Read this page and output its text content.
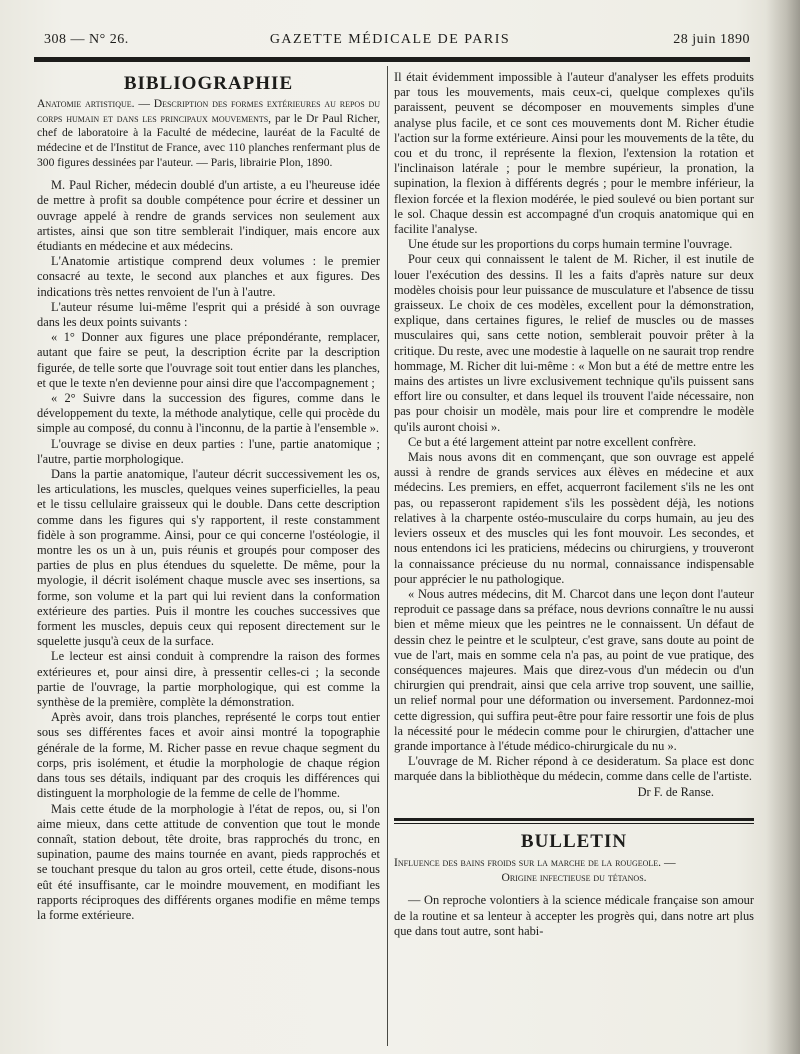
308 — N° 26.	GAZETTE MÉDICALE DE PARIS	28 juin 1890
BIBLIOGRAPHIE

Anatomie artistique. — Description des formes extérieures au repos du corps humain et dans les principaux mouvements, par le Dr Paul Richer, chef de laboratoire à la Faculté de médecine, lauréat de la Faculté de médecine et de l'Institut de France, avec 110 planches renfermant plus de 300 figures dessinées par l'auteur. — Paris, librairie Plon, 1890.

M. Paul Richer, médecin doublé d'un artiste, a eu l'heureuse idée de mettre à profit sa double compétence pour écrire et dessiner un ouvrage appelé à rendre de grands services non seulement aux artistes, ainsi que son titre semblerait l'indiquer, mais encore aux étudiants en médecine et aux médecins.

L'Anatomie artistique comprend deux volumes : le premier consacré au texte, le second aux planches et aux figures. Des indications très nettes renvoient de l'un à l'autre.

L'auteur résume lui-même l'esprit qui a présidé à son ouvrage dans les deux points suivants :

« 1° Donner aux figures une place prépondérante, remplacer, autant que faire se peut, la description écrite par la description figurée, de telle sorte que l'ouvrage soit tout entier dans les planches, et que le texte n'en devienne pour ainsi dire que l'accompagnement ;

« 2° Suivre dans la succession des figures, comme dans le développement du texte, la méthode analytique, celle qui procède du simple au composé, du connu à l'inconnu, de la partie à l'ensemble ».

L'ouvrage se divise en deux parties : l'une, partie anatomique ; l'autre, partie morphologique.

Dans la partie anatomique, l'auteur décrit successivement les os, les articulations, les muscles, quelques veines superficielles, la peau et le tissu cellulaire graisseux qui le double. Dans cette description comme dans les figures qui s'y rapportent, il reste constamment fidèle à son programme. Ainsi, pour ce qui concerne l'ostéologie, il montre les os un à un, puis réunis et groupés pour composer des parties de plus en plus étendues du squelette. De même, pour la myologie, il décrit isolément chaque muscle avec ses insertions, sa forme, son volume et la part qui lui revient dans la conformation extérieure des parties. Puis il montre les couches successives que forment les muscles, depuis ceux qui reposent directement sur le squelette jusqu'à ceux de la surface.

Le lecteur est ainsi conduit à comprendre la raison des formes extérieures et, pour ainsi dire, à pressentir celles-ci ; la seconde partie de l'ouvrage, la partie morphologique, qui est comme la synthèse de la première, complète la démonstration.

Après avoir, dans trois planches, représenté le corps tout entier sous ses différentes faces et avoir ainsi montré la topographie générale de la forme, M. Richer passe en revue chaque segment du corps, pris isolément, et étudie la morphologie de chaque région dans tous ses détails, indiquant par des croquis les différences qui distinguent la morphologie de la femme de celle de l'homme.

Mais cette étude de la morphologie à l'état de repos, ou, si l'on aime mieux, dans cette attitude de convention que tout le monde connaît, station debout, tête droite, bras rapprochés du tronc, en supination, paume des mains tournée en avant, pieds rapprochés et se touchant presque du talon au gros orteil, cette étude, disons-nous eût été insuffisante, car le moindre mouvement, en modifiant les rapports réciproques des différents organes modifie en même temps la forme extérieure.

Il était évidemment impossible à l'auteur d'analyser les effets produits par tous les mouvements, mais ceux-ci, quelque complexes qu'ils paraissent, peuvent se décomposer en mouvements simples d'une analyse plus facile, et ce sont ces mouvements dont M. Richer étudie l'action sur la forme extérieure. Ainsi pour les mouvements de la tête, du cou et du tronc, il représente la flexion, l'extension la rotation et l'inclinaison latérale ; pour le membre supérieur, la pronation, la supination, la flexion à différents degrés ; pour le membre inférieur, la flexion forcée et la flexion modérée, le pied soulevé ou bien portant sur le sol. Chaque dessin est accompagné d'un croquis anatomique qui en facilite l'analyse.

Une étude sur les proportions du corps humain termine l'ouvrage.

Pour ceux qui connaissent le talent de M. Richer, il est inutile de louer l'exécution des dessins. Il les a faits d'après nature sur deux modèles choisis pour leur puissance de musculature et l'absence de tissu graisseux. Le choix de ces modèles, excellent pour la démonstration, explique, dans certaines figures, le relief de muscles ou de masses musculaires qui, sans cette notion, semblerait pouvoir prêter à la critique. Du reste, avec une modestie à laquelle on ne saurait trop rendre hommage, M. Richer dit lui-même : « Mon but a été de mettre entre les mains des artistes un livre exclusivement technique qu'ils puissent sans effort lire ou consulter, et dans lequel ils trouvent l'aide nécessaire, non pas pour choisir un modèle, mais pour lire et comprendre le modèle qu'ils auront choisi ».

Ce but a été largement atteint par notre excellent confrère.

Mais nous avons dit en commençant, que son ouvrage est appelé aussi à rendre de grands services aux élèves en médecine et aux médecins. Les premiers, en effet, acquerront facilement s'ils ne les ont pas, ou repasseront rapidement s'ils les possèdent déjà, les notions relatives à la charpente ostéo-musculaire du corps humain, au jeu des leviers osseux et des muscles qui les font mouvoir. Les secondes, et nous entendons ici les praticiens, médecins ou chirurgiens, y trouveront la connaissance précieuse du nu normal, connaissance indispensable pour apprécier le nu pathologique.

« Nous autres médecins, dit M. Charcot dans une leçon dont l'auteur reproduit ce passage dans sa préface, nous devrions connaître le nu aussi bien et même mieux que les peintres ne le connaissent. Un défaut de dessin chez le peintre et le sculpteur, c'est grave, sans doute au point de vue de l'art, mais en somme cela n'a pas, au point de vue pratique, des conséquences majeures. Mais que direz-vous d'un médecin ou d'un chirurgien qui prendrait, ainsi que cela arrive trop souvent, une saillie, un relief normal pour une déformation ou inversement. Pardonnez-moi cette digression, qui suffira peut-être pour faire ressortir une fois de plus la nécessité pour le médecin comme pour le chirurgien, d'attacher une grande importance à l'étude médico-chirurgicale du nu ».

L'ouvrage de M. Richer répond à ce desideratum. Sa place est donc marquée dans la bibliothèque du médecin, comme dans celle de l'artiste.

Dr F. de Ranse.

BULLETIN

Influence des bains froids sur la marche de la rougeole. —

Origine infectieuse du tétanos.

— On reproche volontiers à la science médicale française son amour de la routine et sa lenteur à accepter les progrès qui, dans notre art plus que dans tout autre, sont habi-
